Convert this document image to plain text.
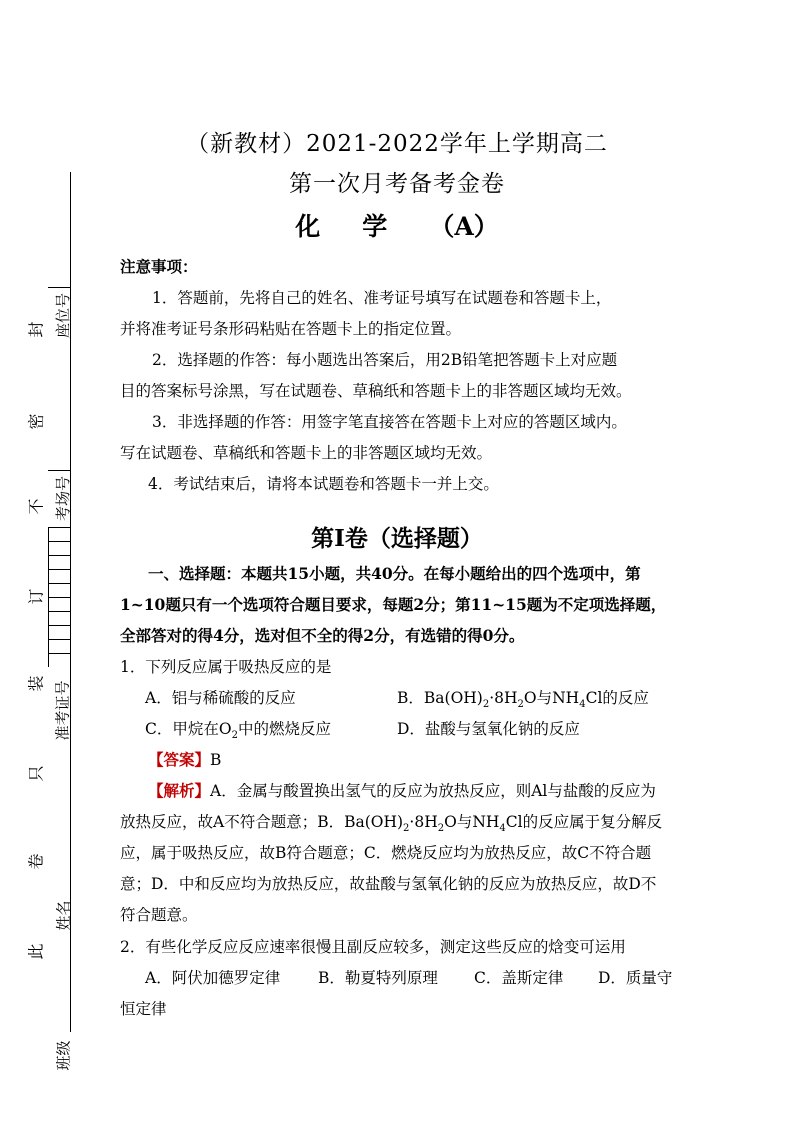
座位号
考场号
准考证号
姓名
班级
封
密
不
订
装
只
卷
此
（新教材）2021-2022学年上学期高二
第一次月考备考金卷
化 学 （A）
注意事项：
1．答题前，先将自己的姓名、准考证号填写在试题卷和答题卡上，
并将准考证号条形码粘贴在答题卡上的指定位置。
2．选择题的作答：每小题选出答案后，用2B铅笔把答题卡上对应题
目的答案标号涂黑，写在试题卷、草稿纸和答题卡上的非答题区域均无效。
3．非选择题的作答：用签字笔直接答在答题卡上对应的答题区域内。
写在试题卷、草稿纸和答题卡上的非答题区域均无效。
4．考试结束后，请将本试题卷和答题卡一并上交。
第Ⅰ卷（选择题）
一、选择题：本题共15小题，共40分。在每小题给出的四个选项中，第
1~10题只有一个选项符合题目要求，每题2分；第11~15题为不定项选择题，
全部答对的得4分，选对但不全的得2分，有选错的得0分。
1．下列反应属于吸热反应的是
A．铝与稀硫酸的反应	B．$Ba(OH)_2\cdot 8H_2O$与$NH_4Cl$的反应
C．甲烷在$O_2$中的燃烧反应	D．盐酸与氢氧化钠的反应
【答案】B
【解析】A．金属与酸置换出氢气的反应为放热反应，则Al与盐酸的反应为
放热反应，故A不符合题意；B．$Ba(OH)_2\cdot 8H_2O$与$NH_4Cl$的反应属于复分解反
应，属于吸热反应，故B符合题意；C．燃烧反应均为放热反应，故C不符合题
意；D．中和反应均为放热反应，故盐酸与氢氧化钠的反应为放热反应，故D不
符合题意。
2．有些化学反应反应速率很慢且副反应较多，测定这些反应的焓变可运用
A．阿伏加德罗定律 B．勒夏特列原理 C．盖斯定律 D．质量守
恒定律
